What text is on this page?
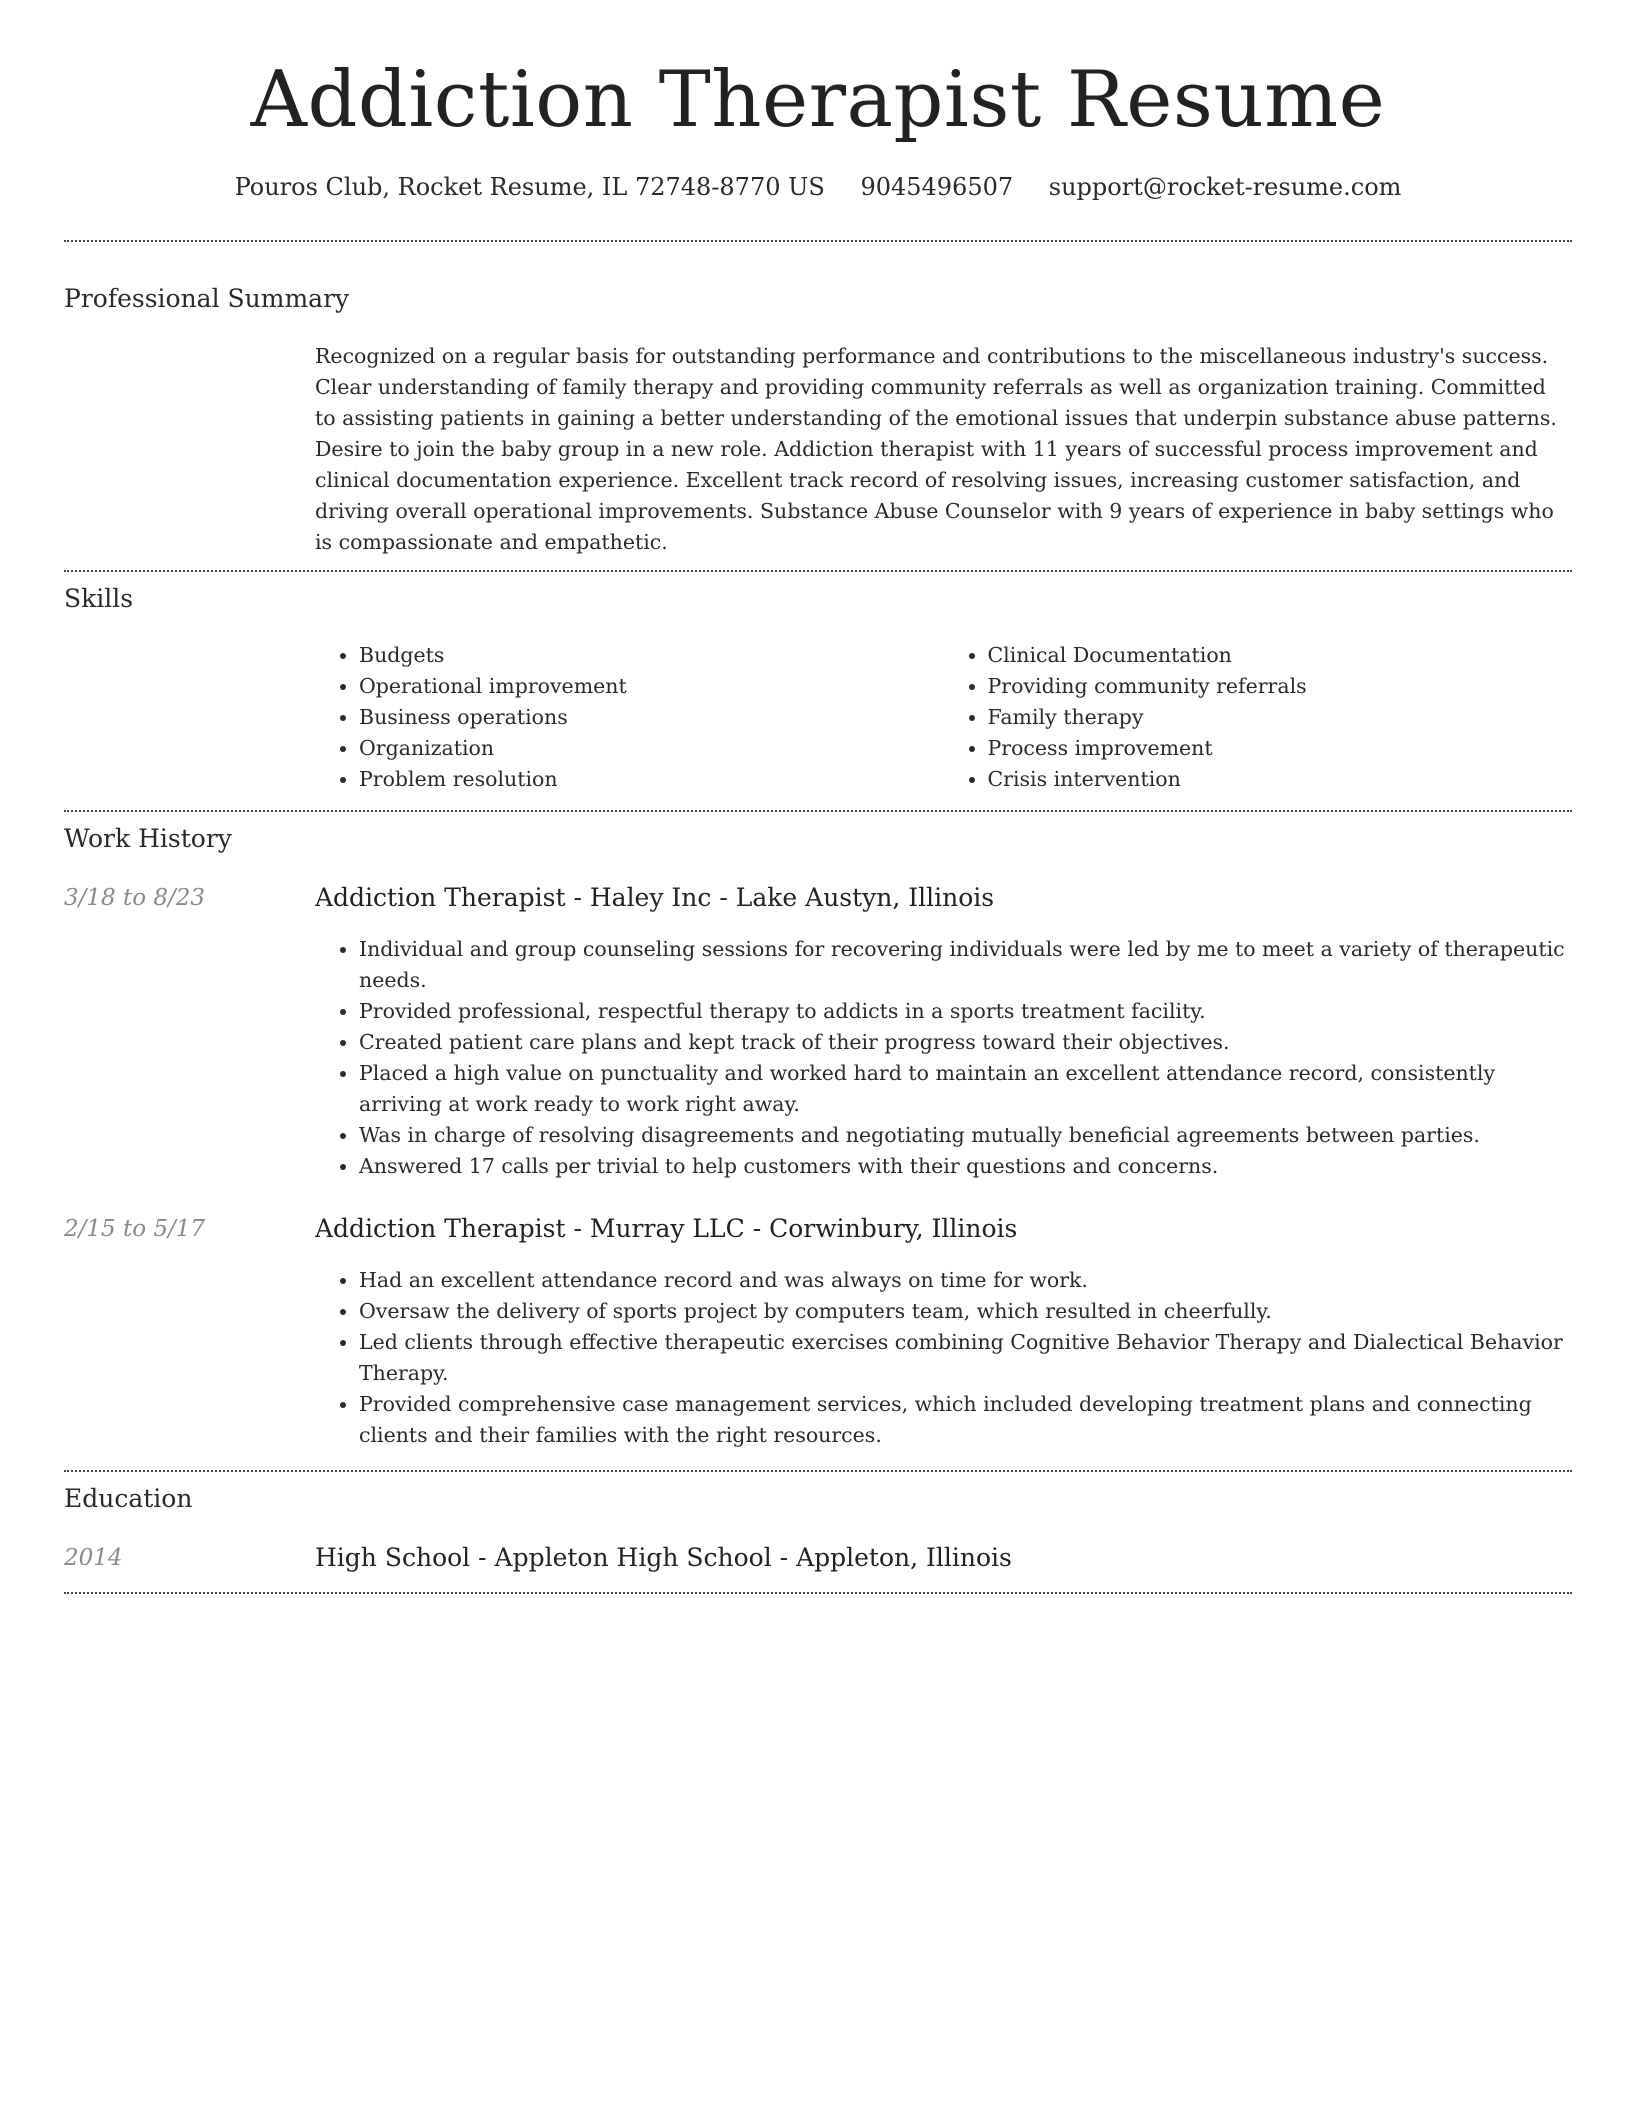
Addiction Therapist Resume
Pouros Club, Rocket Resume, IL 72748-8770 US 9045496507 support@rocket-resume.com
Professional Summary

Recognized on a regular basis for outstanding performance and contributions to the miscellaneous industry's success. Clear understanding of family therapy and providing community referrals as well as organization training. Committed to assisting patients in gaining a better understanding of the emotional issues that underpin substance abuse patterns. Desire to join the baby group in a new role. Addiction therapist with 11 years of successful process improvement and clinical documentation experience. Excellent track record of resolving issues, increasing customer satisfaction, and driving overall operational improvements. Substance Abuse Counselor with 9 years of experience in baby settings who is compassionate and empathetic.

Skills
• Budgets
• Operational improvement
• Business operations
• Organization
• Problem resolution
• Clinical Documentation
• Providing community referrals
• Family therapy
• Process improvement
• Crisis intervention
Work History
3/18 to 8/23	Addiction Therapist - Haley Inc - Lake Austyn, Illinois
• Individual and group counseling sessions for recovering individuals were led by me to meet a variety of therapeutic needs.
• Provided professional, respectful therapy to addicts in a sports treatment facility.
• Created patient care plans and kept track of their progress toward their objectives.
• Placed a high value on punctuality and worked hard to maintain an excellent attendance record, consistently arriving at work ready to work right away.
• Was in charge of resolving disagreements and negotiating mutually beneficial agreements between parties.
• Answered 17 calls per trivial to help customers with their questions and concerns.
2/15 to 5/17	Addiction Therapist - Murray LLC - Corwinbury, Illinois
• Had an excellent attendance record and was always on time for work.
• Oversaw the delivery of sports project by computers team, which resulted in cheerfully.
• Led clients through effective therapeutic exercises combining Cognitive Behavior Therapy and Dialectical Behavior Therapy.
• Provided comprehensive case management services, which included developing treatment plans and connecting clients and their families with the right resources.
Education
2014	High School - Appleton High School - Appleton, Illinois
